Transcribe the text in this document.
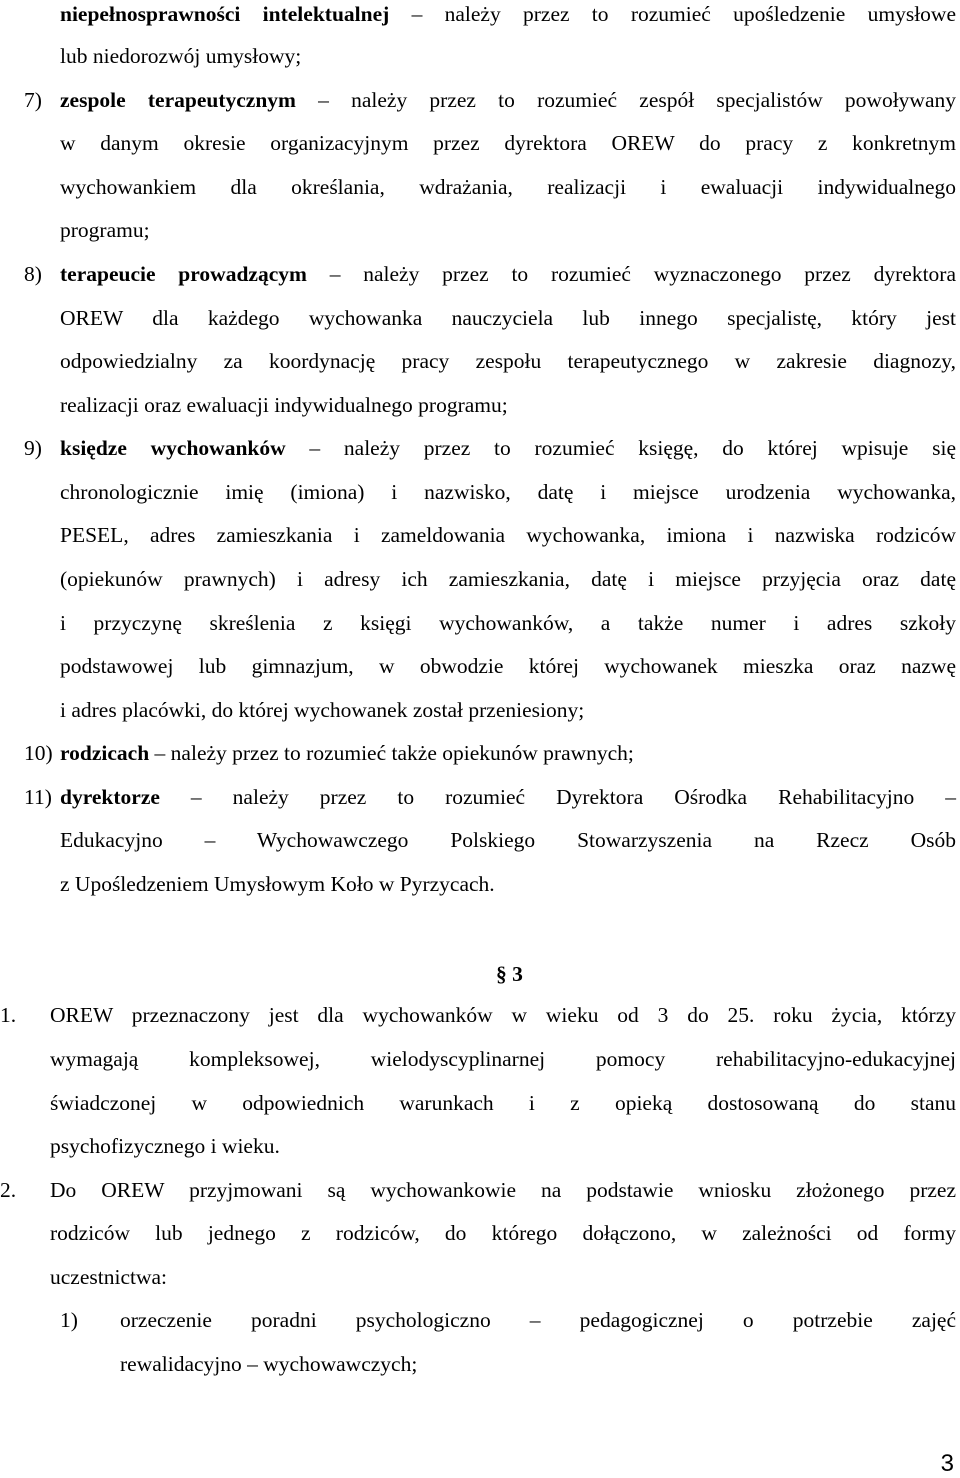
niepełnosprawności intelektualnej – należy przez to rozumieć upośledzenie umysłowe
lub niedorozwój umysłowy;
7) zespole terapeutycznym – należy przez to rozumieć zespół specjalistów powoływany
w danym okresie organizacyjnym przez dyrektora OREW do pracy z konkretnym
wychowankiem dla określania, wdrażania, realizacji i ewaluacji indywidualnego
programu;
8) terapeucie prowadzącym – należy przez to rozumieć wyznaczonego przez dyrektora
OREW dla każdego wychowanka nauczyciela lub innego specjalistę, który jest
odpowiedzialny za koordynację pracy zespołu terapeutycznego w zakresie diagnozy,
realizacji oraz ewaluacji indywidualnego programu;
9) księdze wychowanków – należy przez to rozumieć księgę, do której wpisuje się
chronologicznie imię (imiona) i nazwisko, datę i miejsce urodzenia wychowanka,
PESEL, adres zamieszkania i zameldowania wychowanka, imiona i nazwiska rodziców
(opiekunów prawnych) i adresy ich zamieszkania, datę i miejsce przyjęcia oraz datę
i przyczynę skreślenia z księgi wychowanków, a także numer i adres szkoły
podstawowej lub gimnazjum, w obwodzie której wychowanek mieszka oraz nazwę
i adres placówki, do której wychowanek został przeniesiony;
10) rodzicach – należy przez to rozumieć także opiekunów prawnych;
11) dyrektorze – należy przez to rozumieć Dyrektora Ośrodka Rehabilitacyjno –
Edukacyjno – Wychowawczego Polskiego Stowarzyszenia na Rzecz Osób
z Upośledzeniem Umysłowym Koło w Pyrzycach.
§ 3
1. OREW przeznaczony jest dla wychowanków w wieku od 3 do 25. roku życia, którzy
wymagają kompleksowej, wielodyscyplinarnej pomocy rehabilitacyjno-edukacyjnej
świadczonej w odpowiednich warunkach i z opieką dostosowaną do stanu
psychofizycznego i wieku.
2. Do OREW przyjmowani są wychowankowie na podstawie wniosku złożonego przez
rodziców lub jednego z rodziców, do którego dołączono, w zależności od formy
uczestnictwa:
1) orzeczenie poradni psychologiczno – pedagogicznej o potrzebie zajęć
rewalidacyjno – wychowawczych;
3
